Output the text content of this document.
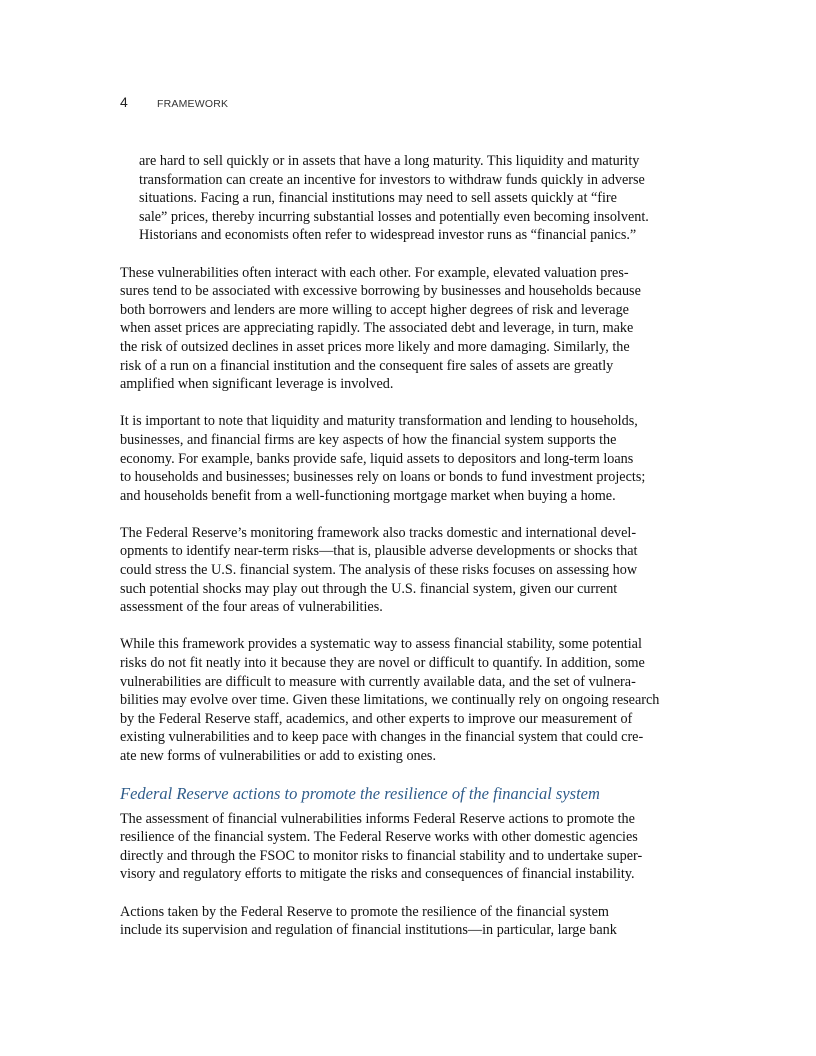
4	FRAMEWORK
are hard to sell quickly or in assets that have a long maturity. This liquidity and maturity
transformation can create an incentive for investors to withdraw funds quickly in adverse
situations. Facing a run, financial institutions may need to sell assets quickly at “fire
sale” prices, thereby incurring substantial losses and potentially even becoming insolvent.
Historians and economists often refer to widespread investor runs as “financial panics.”
These vulnerabilities often interact with each other. For example, elevated valuation pres-
sures tend to be associated with excessive borrowing by businesses and households because
both borrowers and lenders are more willing to accept higher degrees of risk and leverage
when asset prices are appreciating rapidly. The associated debt and leverage, in turn, make
the risk of outsized declines in asset prices more likely and more damaging. Similarly, the
risk of a run on a financial institution and the consequent fire sales of assets are greatly
amplified when significant leverage is involved.
It is important to note that liquidity and maturity transformation and lending to households,
businesses, and financial firms are key aspects of how the financial system supports the
economy. For example, banks provide safe, liquid assets to depositors and long-term loans
to households and businesses; businesses rely on loans or bonds to fund investment projects;
and households benefit from a well-functioning mortgage market when buying a home.
The Federal Reserve’s monitoring framework also tracks domestic and international devel-
opments to identify near-term risks—that is, plausible adverse developments or shocks that
could stress the U.S. financial system. The analysis of these risks focuses on assessing how
such potential shocks may play out through the U.S. financial system, given our current
assessment of the four areas of vulnerabilities.
While this framework provides a systematic way to assess financial stability, some potential
risks do not fit neatly into it because they are novel or difficult to quantify. In addition, some
vulnerabilities are difficult to measure with currently available data, and the set of vulnera-
bilities may evolve over time. Given these limitations, we continually rely on ongoing research
by the Federal Reserve staff, academics, and other experts to improve our measurement of
existing vulnerabilities and to keep pace with changes in the financial system that could cre-
ate new forms of vulnerabilities or add to existing ones.
Federal Reserve actions to promote the resilience of the financial system
The assessment of financial vulnerabilities informs Federal Reserve actions to promote the
resilience of the financial system. The Federal Reserve works with other domestic agencies
directly and through the FSOC to monitor risks to financial stability and to undertake super-
visory and regulatory efforts to mitigate the risks and consequences of financial instability.
Actions taken by the Federal Reserve to promote the resilience of the financial system
include its supervision and regulation of financial institutions—in particular, large bank
